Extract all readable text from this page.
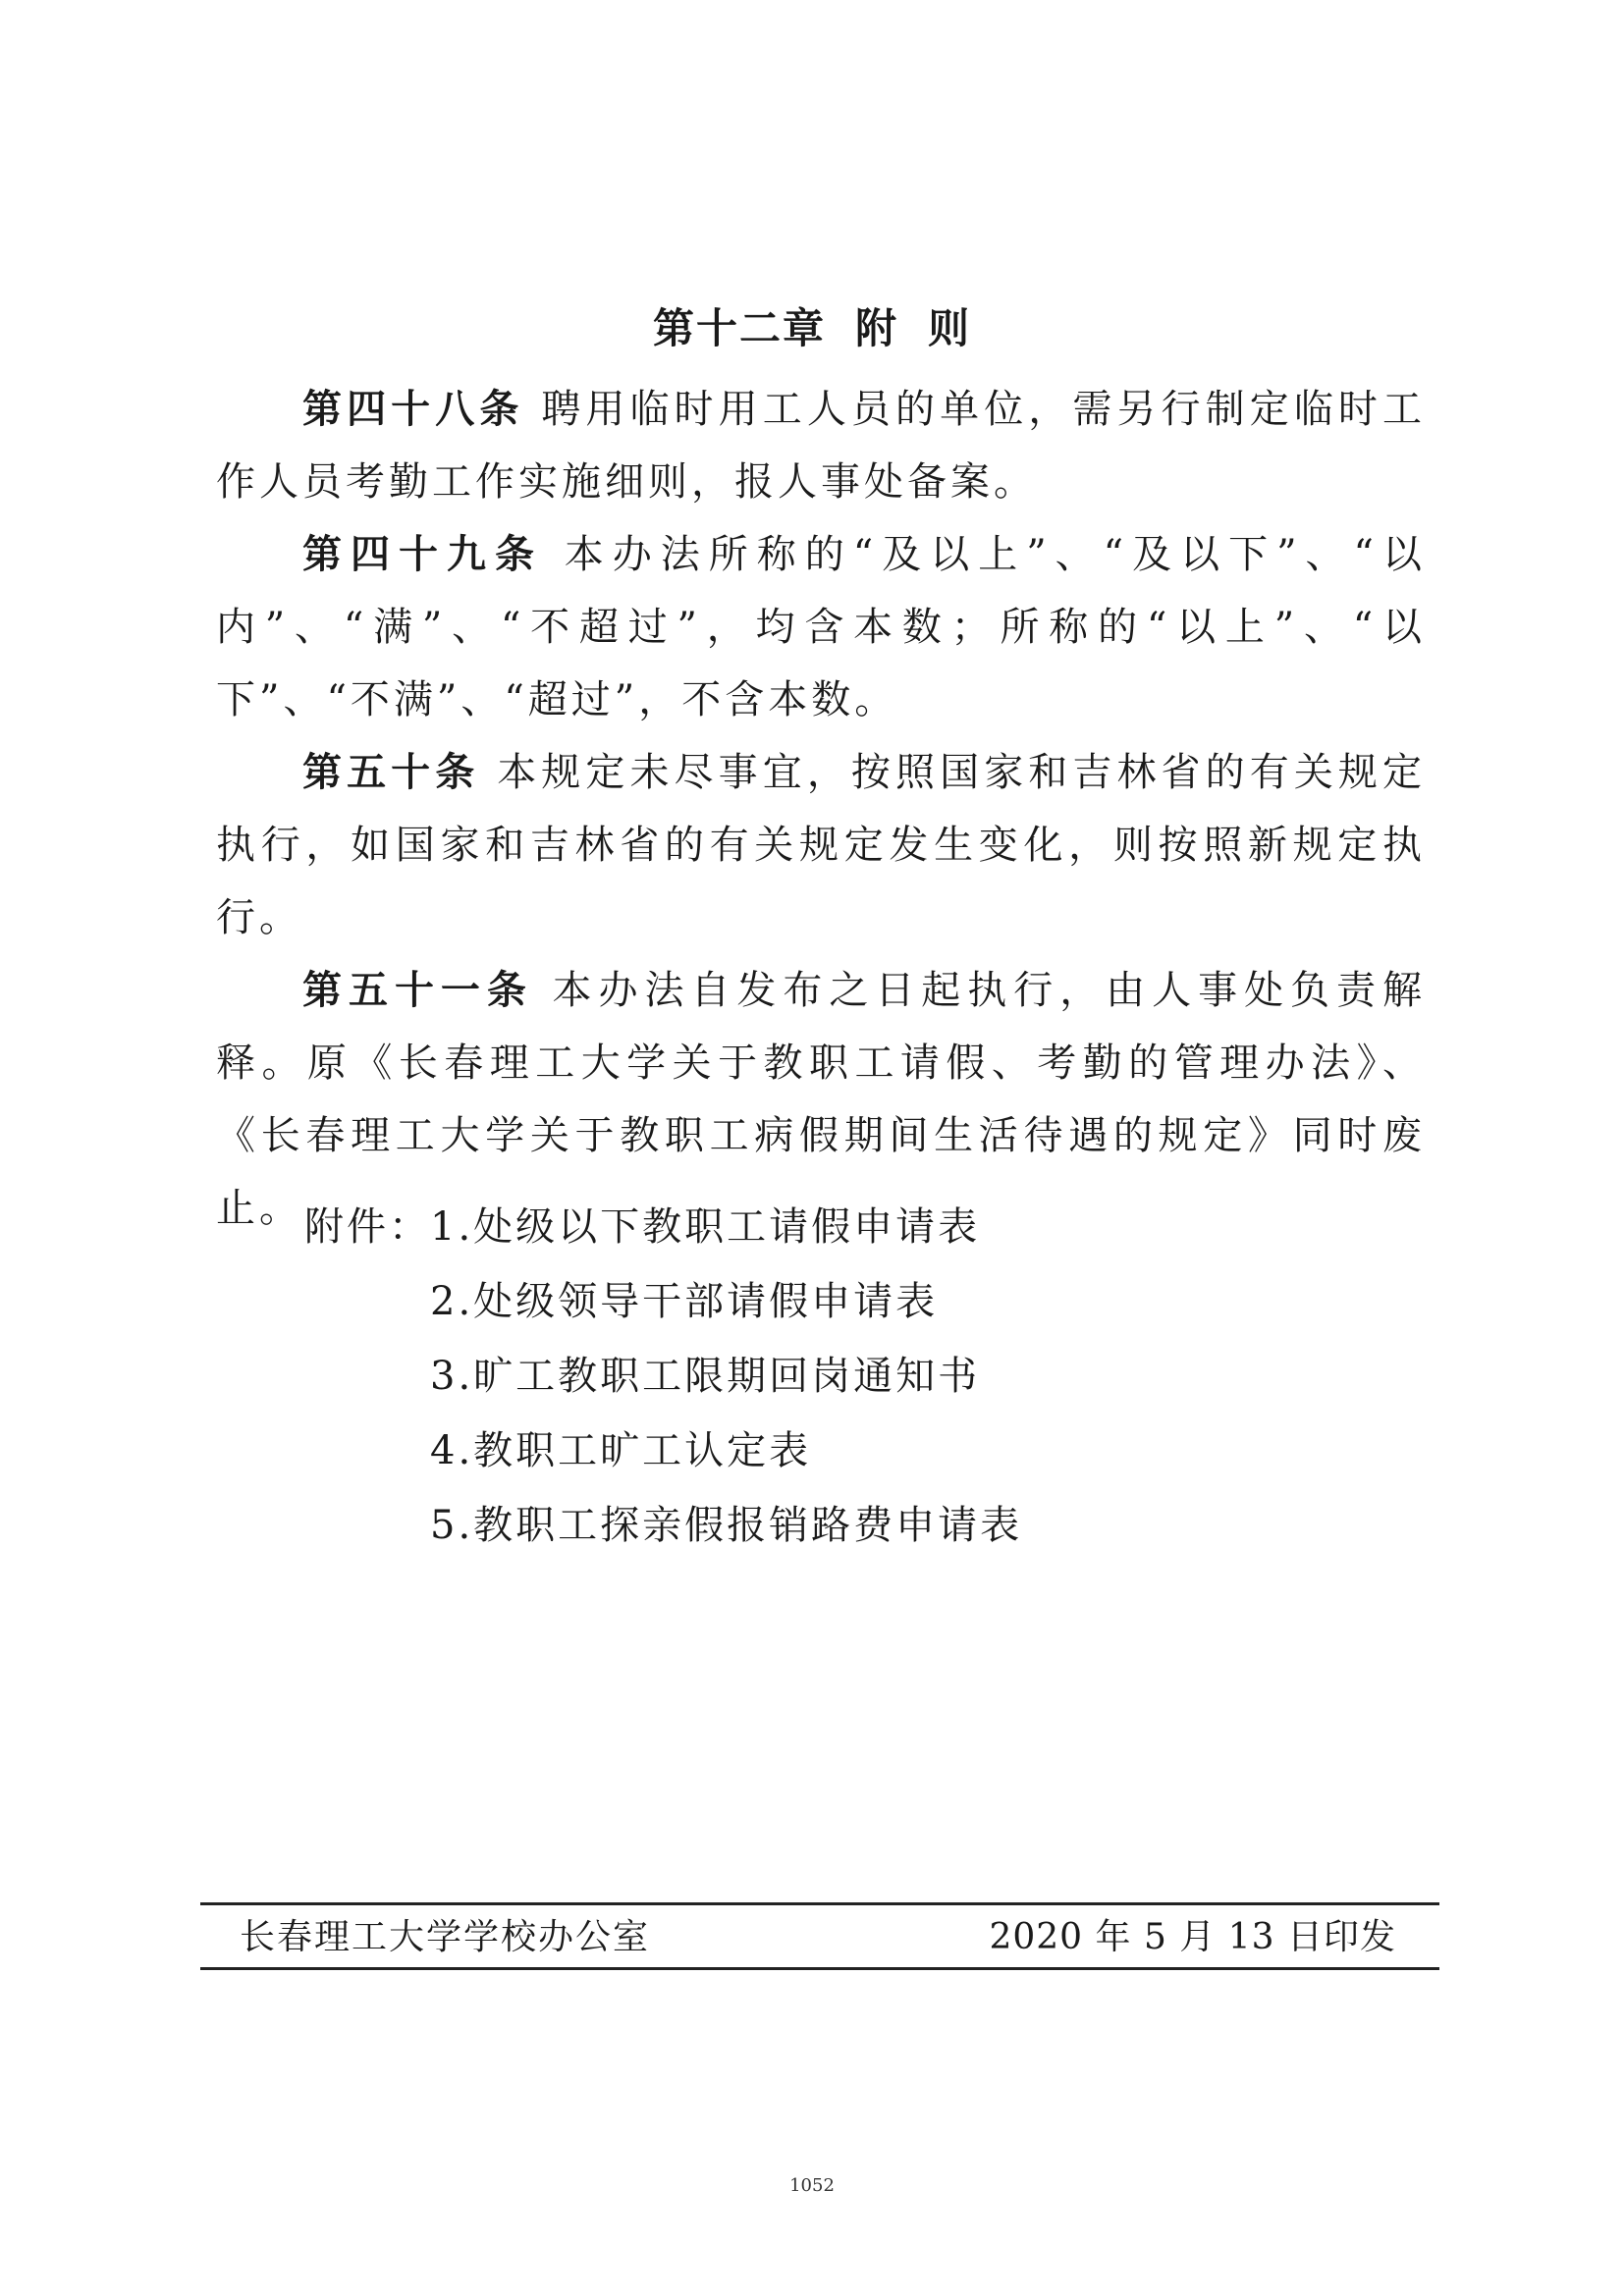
第十二章 附 则

第四十八条 聘用临时用工人员的单位，需另行制定临时工作人员考勤工作实施细则，报人事处备案。

第四十九条 本办法所称的“及以上”、“及以下”、“以内”、“满”、“不超过”，均含本数；所称的“以上”、“以下”、“不满”、“超过”，不含本数。

第五十条 本规定未尽事宜，按照国家和吉林省的有关规定执行，如国家和吉林省的有关规定发生变化，则按照新规定执行。

第五十一条 本办法自发布之日起执行，由人事处负责解释。原《长春理工大学关于教职工请假、考勤的管理办法》、《长春理工大学关于教职工病假期间生活待遇的规定》同时废止。 附件： 1.处级以下教职工请假申请表
2.处级领导干部请假申请表
3.旷工教职工限期回岗通知书
4.教职工旷工认定表
5.教职工探亲假报销路费申请表
长春理工大学学校办公室	2020 年 5 月 13 日印发
1052
